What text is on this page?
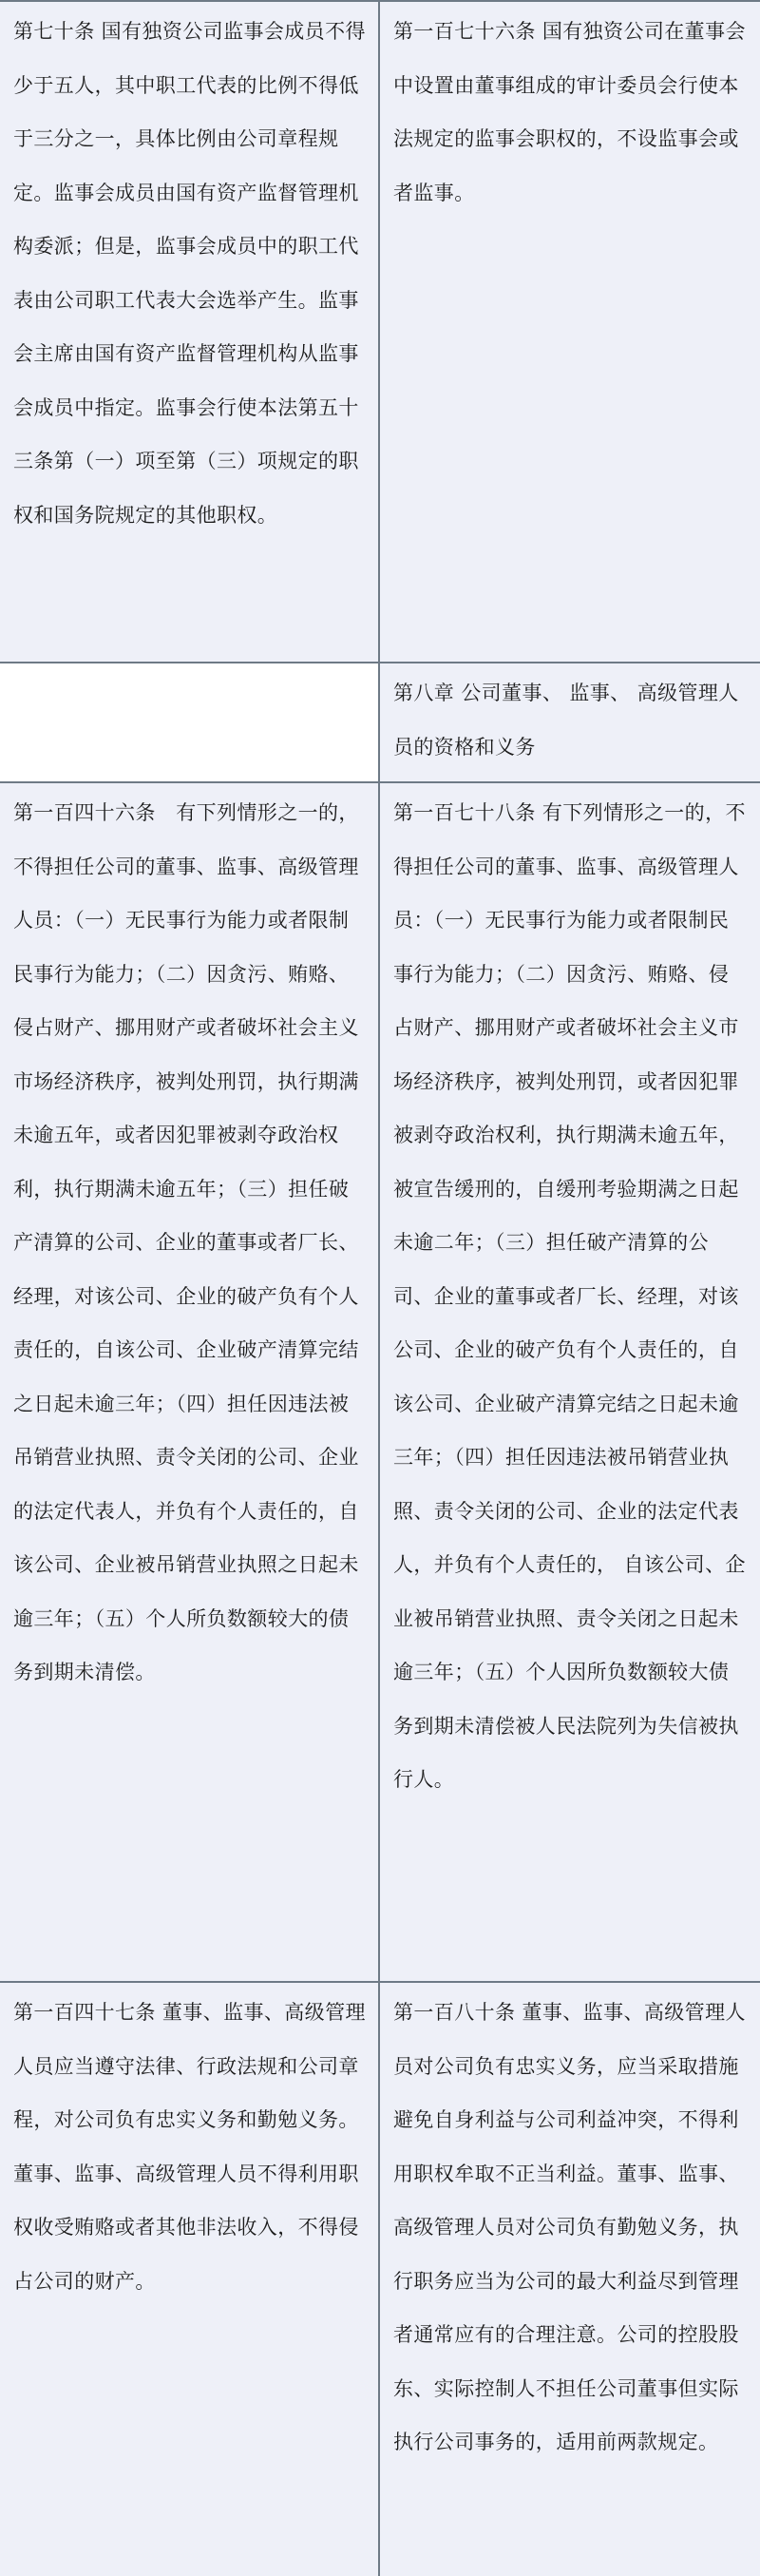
第七十条 国有独资公司监事会成员不得少于五人，其中职工代表的比例不得低于三分之一，具体比例由公司章程规定。监事会成员由国有资产监督管理机构委派；但是，监事会成员中的职工代表由公司职工代表大会选举产生。监事会主席由国有资产监督管理机构从监事会成员中指定。监事会行使本法第五十三条第（一）项至第（三）项规定的职权和国务院规定的其他职权。
第一百七十六条 国有独资公司在董事会中设置由董事组成的审计委员会行使本法规定的监事会职权的，不设监事会或者监事。
第八章 公司董事、 监事、 高级管理人员的资格和义务
第一百四十六条　有下列情形之一的，不得担任公司的董事、监事、高级管理人员：（一）无民事行为能力或者限制民事行为能力；（二）因贪污、贿赂、侵占财产、挪用财产或者破坏社会主义市场经济秩序，被判处刑罚，执行期满未逾五年，或者因犯罪被剥夺政治权利，执行期满未逾五年；（三）担任破产清算的公司、企业的董事或者厂长、经理，对该公司、企业的破产负有个人责任的，自该公司、企业破产清算完结之日起未逾三年；（四）担任因违法被吊销营业执照、责令关闭的公司、企业的法定代表人，并负有个人责任的，自该公司、企业被吊销营业执照之日起未逾三年；（五）个人所负数额较大的债务到期未清偿。
第一百七十八条 有下列情形之一的，不得担任公司的董事、监事、高级管理人员：（一）无民事行为能力或者限制民事行为能力；（二）因贪污、贿赂、侵占财产、挪用财产或者破坏社会主义市场经济秩序，被判处刑罚，或者因犯罪被剥夺政治权利，执行期满未逾五年，被宣告缓刑的，自缓刑考验期满之日起未逾二年；（三）担任破产清算的公司、企业的董事或者厂长、经理，对该公司、企业的破产负有个人责任的，自该公司、企业破产清算完结之日起未逾三年；（四）担任因违法被吊销营业执照、责令关闭的公司、企业的法定代表人，并负有个人责任的， 自该公司、企业被吊销营业执照、责令关闭之日起未逾三年；（五）个人因所负数额较大债务到期未清偿被人民法院列为失信被执行人。
第一百四十七条 董事、监事、高级管理人员应当遵守法律、行政法规和公司章程，对公司负有忠实义务和勤勉义务。董事、监事、高级管理人员不得利用职权收受贿赂或者其他非法收入，不得侵占公司的财产。
第一百八十条 董事、监事、高级管理人员对公司负有忠实义务，应当采取措施避免自身利益与公司利益冲突，不得利用职权牟取不正当利益。董事、监事、高级管理人员对公司负有勤勉义务，执行职务应当为公司的最大利益尽到管理者通常应有的合理注意。公司的控股股东、实际控制人不担任公司董事但实际执行公司事务的，适用前两款规定。
